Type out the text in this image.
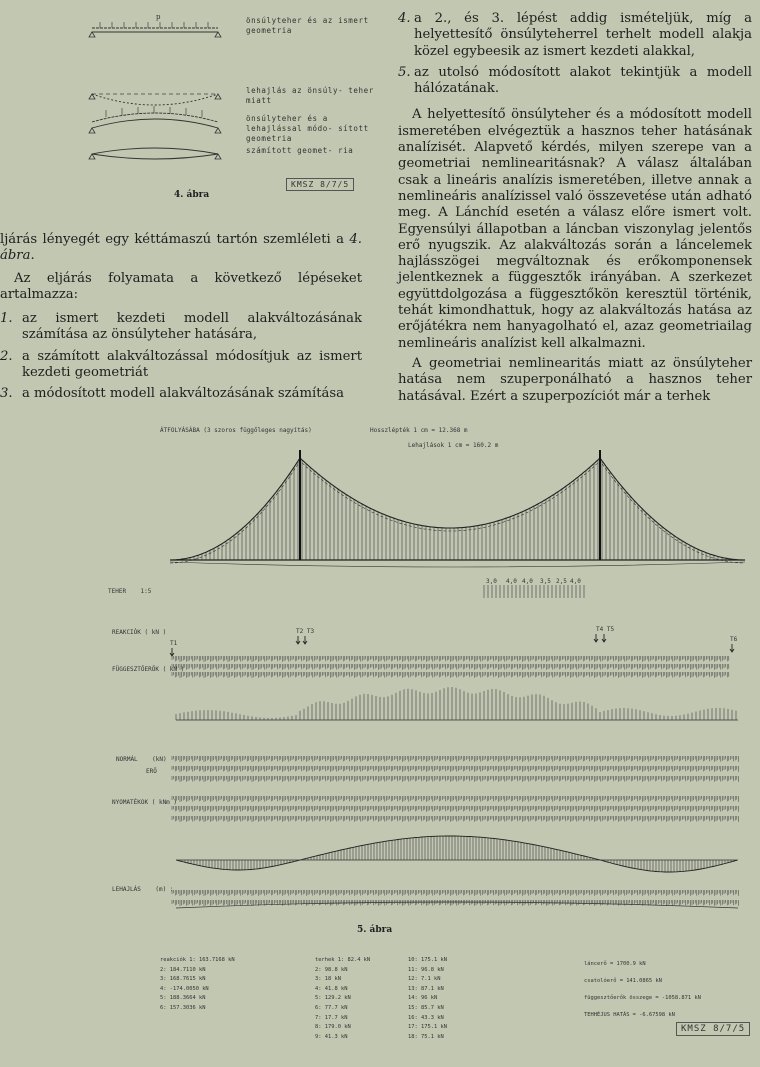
p	önsúlyteher és az ismert geometria
lehajlás az önsúly- teher miatt
önsúlyteher és a lehajlással módo- sított geometria
számított geomet- ria
4. ábra
KMSZ 8/7/5

ljárás lényegét egy kéttámaszú tartón szemléleti a 4. ábra.

Az eljárás folyamata a következő lépéseket artalmazza:

1. az ismert kezdeti modell alakváltozásának számítása az önsúlyteher hatására,
2. a számított alakváltozással módosítjuk az ismert kezdeti geometriát
3. a módosított modell alakváltozásának számítása
4. a 2., és 3. lépést addig ismételjük, míg a helyettesítő önsúlyteherrel terhelt modell alakja közel egybeesik az ismert kezdeti alakkal,
5. az utolsó módosított alakot tekintjük a modell hálózatának.

A helyettesítő önsúlyteher és a módosított modell ismeretében elvégeztük a hasznos teher hatásának analízisét. Alapvető kérdés, milyen szerepe van a geometriai nemlinearitásnak? A válasz általában csak a lineáris analízis ismeretében, illetve annak a nemlineáris analízissel való összevetése után adható meg. A Lánchíd esetén a válasz előre ismert volt. Egyensúlyi állapotban a láncban viszonylag jelentős erő nyugszik. Az alakváltozás során a láncelemek hajlásszögei megváltoznak és erőkomponensek jelentkeznek a függesztők irányában. A szerkezet együttdolgozása a függesztőkön keresztül történik, tehát kimondhattuk, hogy az alakváltozás hatása az erőjátékra nem hanyagolható el, azaz geometriailag nemlineáris analízist kell alkalmazni.

A geometriai nemlinearitás miatt az önsúlyteher hatása nem szuperponálható a hasznos teher hatásával. Ezért a szuperpozíciót már a terhek

ÁTFOLYÁSÁBA (3 szoros függőleges nagyítás)	Hosszlépték 1 cm = 12.368 m
Lehajlások 1 cm = 160.2 m
TEHER 1:5
REAKCIÓK ( kN )
FÜGGESZTŐERŐK ( kN )
NORMÁL (kN)
ERŐ
NYOMATÉKOK ( kNm )
LEHAJLÁS (m) :
T1
T2 T3	T4 T5
T6
3,0 4,0 4,0 3,5 2,5 4,0
reakciók 1: 163.7168 kN
2: 184.7110 kN
3: 168.7615 kN
4: -174.0050 kN
5: 188.3664 kN
6: 157.3036 kN
terhek 1: 82.4 kN
2: 98.8 kN
3: 18 kN
4: 41.8 kN
5: 129.2 kN
6: 77.7 kN
7: 17.7 kN
8: 179.0 kN
9: 41.3 kN
10: 175.1 kN
11: 96.8 kN
12: 7.1 kN
13: 87.1 kN
14: 96 kN
15: 85.7 kN
16: 43.3 kN
17: 175.1 kN
18: 75.1 kN
láncerő = 1700.9 kN
csatolóerő = 141.0865 kN
függesztőerők összege = -1058.871 kN
TEHHÉJUS HATÁS = -6.67598 kN
KMSZ 8/7/5
5. ábra
